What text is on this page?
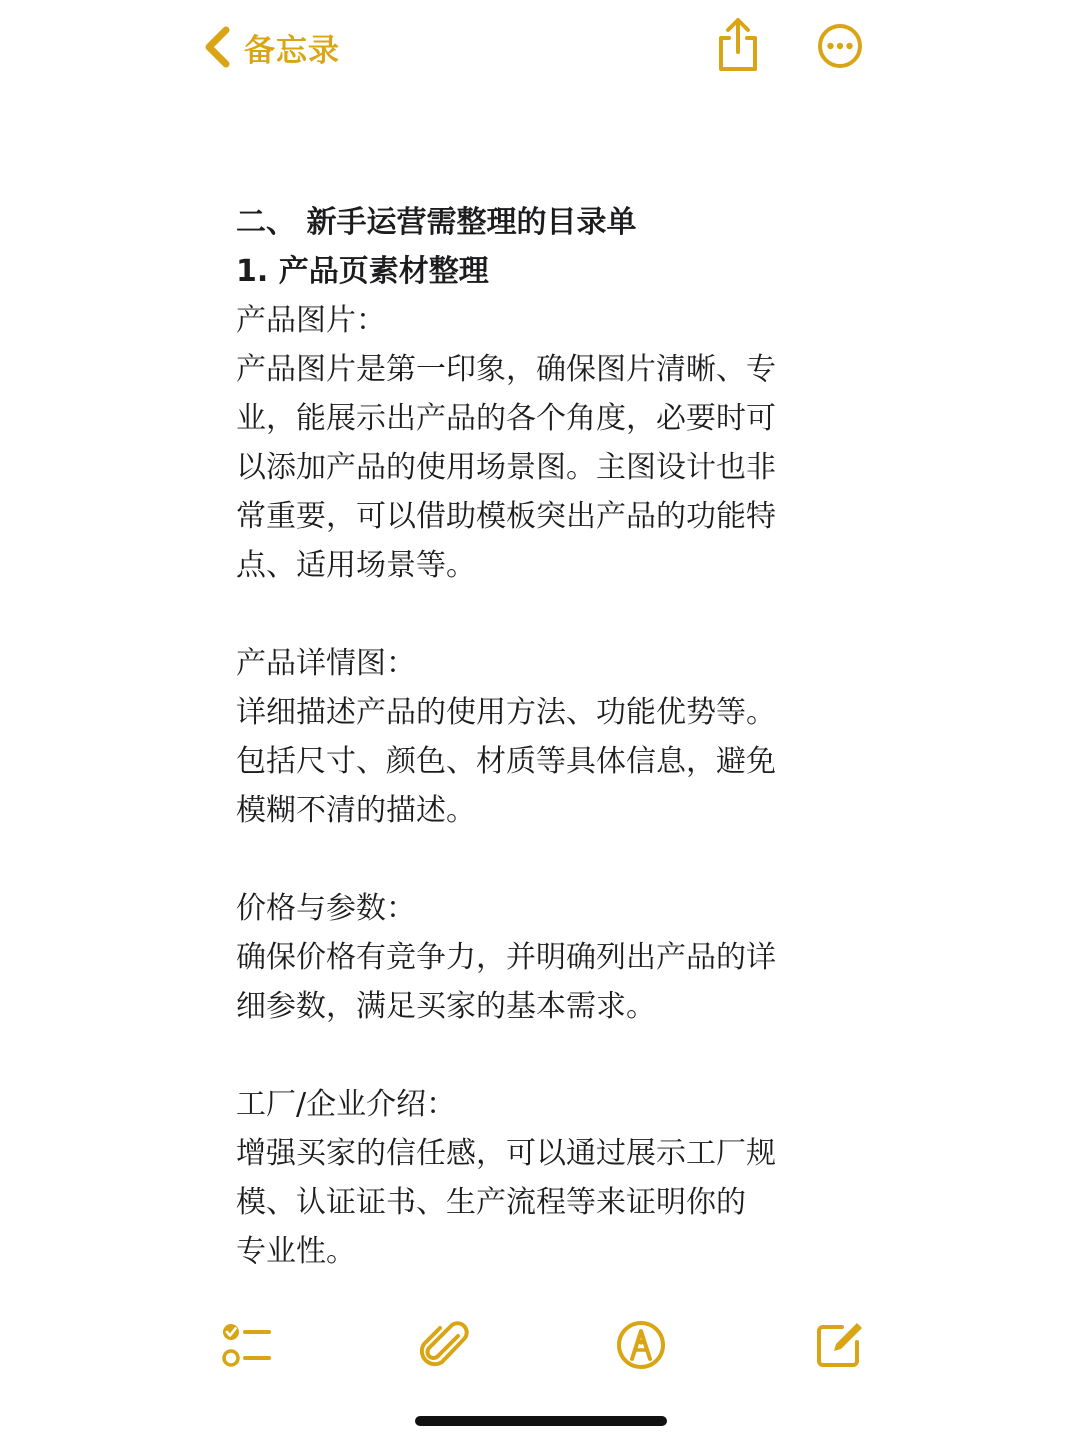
备忘录
二、 新手运营需整理的目录单
1. 产品页素材整理
产品图片：
产品图片是第一印象，确保图片清晰、专
业，能展示出产品的各个角度，必要时可
以添加产品的使用场景图。主图设计也非
常重要，可以借助模板突出产品的功能特
点、适用场景等。
产品详情图：
详细描述产品的使用方法、功能优势等。
包括尺寸、颜色、材质等具体信息，避免
模糊不清的描述。
价格与参数：
确保价格有竞争力，并明确列出产品的详
细参数，满足买家的基本需求。
工厂/企业介绍：
增强买家的信任感，可以通过展示工厂规
模、认证证书、生产流程等来证明你的
专业性。
